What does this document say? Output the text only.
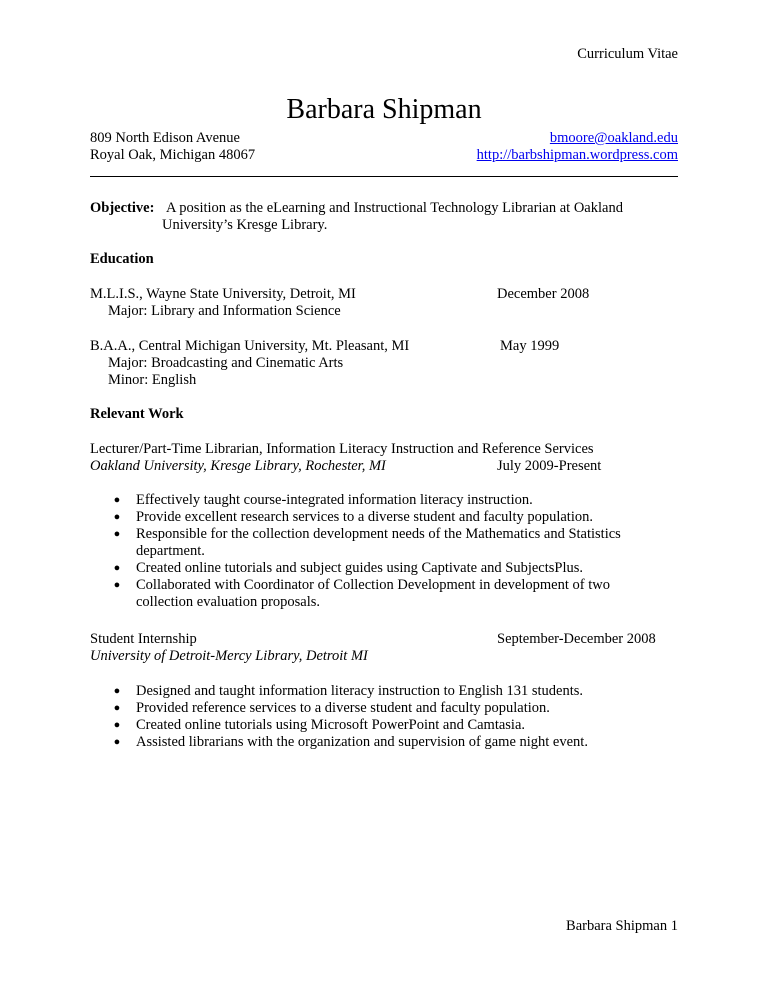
Curriculum Vitae
Barbara Shipman
809 North Edison Avenue
Royal Oak, Michigan 48067
bmoore@oakland.edu
http://barbshipman.wordpress.com
Objective: A position as the eLearning and Instructional Technology Librarian at Oakland
University’s Kresge Library.
Education
M.L.I.S., Wayne State University, Detroit, MI	December 2008
Major: Library and Information Science
B.A.A., Central Michigan University, Mt. Pleasant, MI	May 1999
Major: Broadcasting and Cinematic Arts
Minor: English
Relevant Work
Lecturer/Part-Time Librarian, Information Literacy Instruction and Reference Services
Oakland University, Kresge Library, Rochester, MI	July 2009-Present
● Effectively taught course-integrated information literacy instruction.
● Provide excellent research services to a diverse student and faculty population.
● Responsible for the collection development needs of the Mathematics and Statistics department.
● Created online tutorials and subject guides using Captivate and SubjectsPlus.
● Collaborated with Coordinator of Collection Development in development of two collection evaluation proposals.
Student Internship	September-December 2008
University of Detroit-Mercy Library, Detroit MI
● Designed and taught information literacy instruction to English 131 students.
● Provided reference services to a diverse student and faculty population.
● Created online tutorials using Microsoft PowerPoint and Camtasia.
● Assisted librarians with the organization and supervision of game night event.
Barbara Shipman 1
